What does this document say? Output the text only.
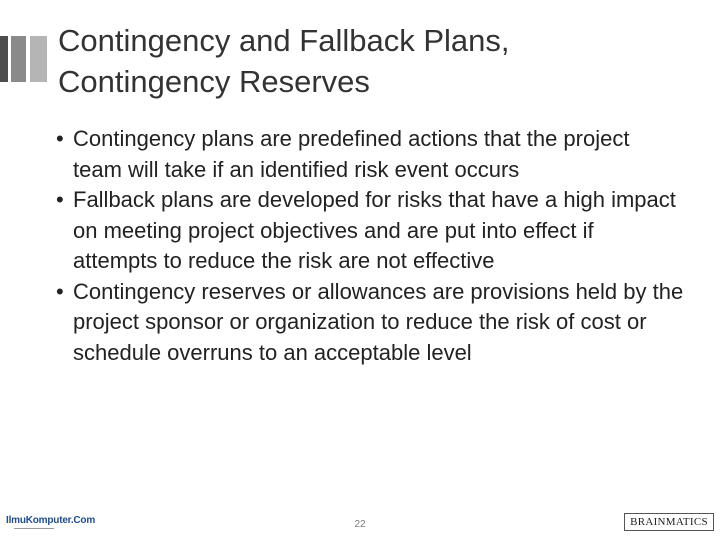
Contingency and Fallback Plans,
Contingency Reserves
• Contingency plans are predefined actions that the project team will take if an identified risk event occurs
• Fallback plans are developed for risks that have a high impact on meeting project objectives and are put into effect if attempts to reduce the risk are not effective
• Contingency reserves or allowances are provisions held by the project sponsor or organization to reduce the risk of cost or schedule overruns to an acceptable level
IlmuKomputer.Com	22	BRAINMATICS
